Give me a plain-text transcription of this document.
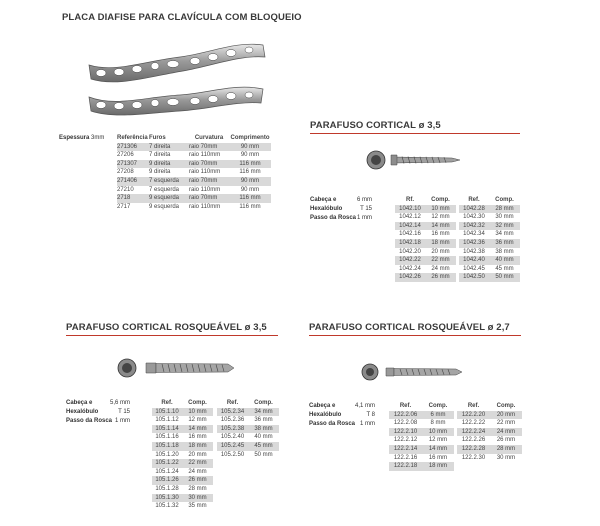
PLACA DIAFISE PARA CLAVÍCULA COM BLOQUEIO
Espessura 3mm Referência	Furos	Curvatura	Comprimento
271306	7 direita	raio 70mm	90 mm
27206	7 direita	raio 110mm	90 mm
271307	9 direita	raio 70mm	116 mm
27208	9 direita	raio 110mm	116 mm
271406	7 esquerda	raio 70mm	90 mm
27210	7 esquerda	raio 110mm	90 mm
2718	9 esquerda	raio 70mm	116 mm
2717	9 esquerda	raio 110mm	116 mm
PARAFUSO CORTICAL ø 3,5
Cabeça e	6 mm
Hexalóbulo	T 15
Passo da Rosca 1 mm
Rf.	Comp.
1042.10	10 mm
1042.12	12 mm
1042.14	14 mm
1042.16	16 mm
1042.18	18 mm
1042.20	20 mm
1042.22	22 mm
1042.24	24 mm
1042.26	26 mm
Ref.	Comp.
1042.28	28 mm
1042.30	30 mm
1042.32	32 mm
1042.34	34 mm
1042.36	36 mm
1042.38	38 mm
1042.40	40 mm
1042.45	45 mm
1042.50	50 mm
PARAFUSO CORTICAL ROSQUEÁVEL ø 3,5
Cabeça e	5,6 mm
Hexalóbulo	T 15
Passo da Rosca 1 mm
Ref.	Comp.
105.1.10	10 mm
105.1.12	12 mm
105.1.14	14 mm
105.1.16	16 mm
105.1.18	18 mm
105.1.20	20 mm
105.1.22	22 mm
105.1.24	24 mm
105.1.26	26 mm
105.1.28	28 mm
105.1.30	30 mm
105.1.32	35 mm
Ref.	Comp.
105.2.34	34 mm
105.2.36	36 mm
105.2.38	38 mm
105.2.40	40 mm
105.2.45	45 mm
105.2.50	50 mm
PARAFUSO CORTICAL ROSQUEÁVEL ø 2,7
Cabeça e	4,1 mm
Hexalóbulo	T 8
Passo da Rosca 1 mm
Ref.	Comp.
122.2.06	6 mm
122.2.08	8 mm
122.2.10	10 mm
122.2.12	12 mm
122.2.14	14 mm
122.2.16	16 mm
122.2.18	18 mm
Ref.	Comp.
122.2.20	20 mm
122.2.22	22 mm
122.2.24	24 mm
122.2.26	26 mm
122.2.28	28 mm
122.2.30	30 mm
